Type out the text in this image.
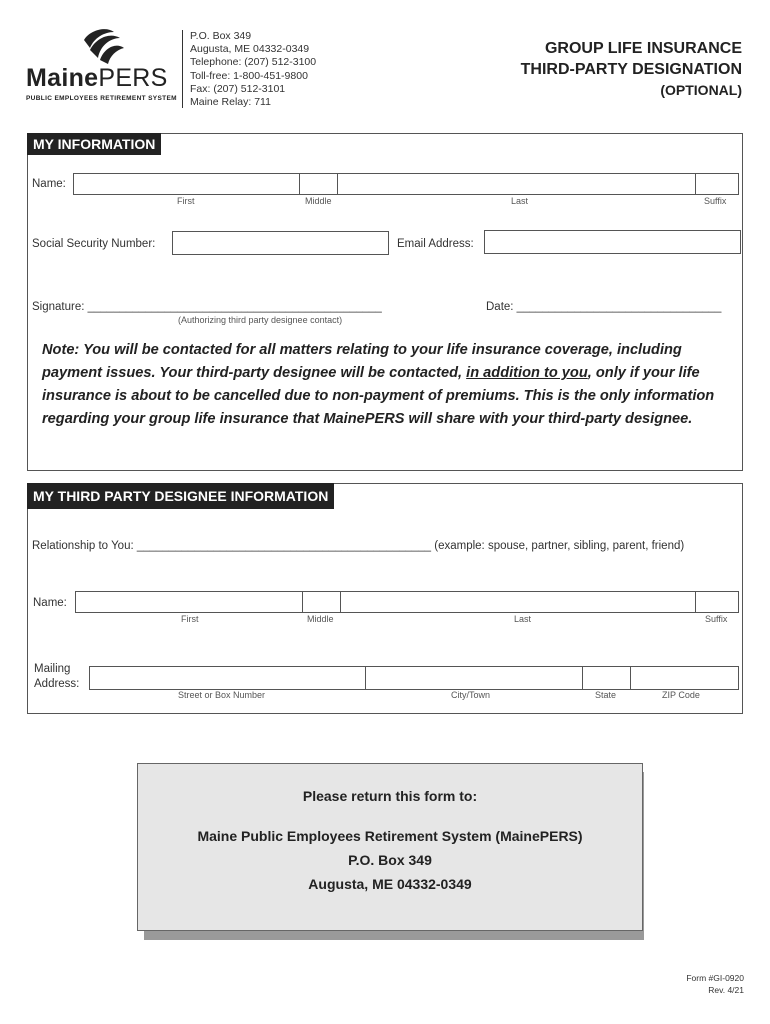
MainePERS
PUBLIC EMPLOYEES RETIREMENT SYSTEM
P.O. Box 349
Augusta, ME 04332-0349
Telephone: (207) 512-3100
Toll-free: 1-800-451-9800
Fax: (207) 512-3101
Maine Relay: 711
GROUP LIFE INSURANCE
THIRD-PARTY DESIGNATION
(OPTIONAL)
MY INFORMATION
Name:
First	Middle	Last	Suffix
Social Security Number:	Email Address:
Signature: ______________________________________________
(Authorizing third party designee contact)
Date: ________________________________
Note: You will be contacted for all matters relating to your life insurance coverage, including payment issues. Your third-party designee will be contacted, in addition to you, only if your life insurance is about to be cancelled due to non-payment of premiums. This is the only information regarding your group life insurance that MainePERS will share with your third-party designee.
MY THIRD PARTY DESIGNEE INFORMATION
Relationship to You: ______________________________________________ (example: spouse, partner, sibling, parent, friend)
Name:
First	Middle	Last	Suffix
Mailing
Address:
Street or Box Number	City/Town	State	ZIP Code
Please return this form to:
Maine Public Employees Retirement System (MainePERS)
P.O. Box 349
Augusta, ME 04332-0349
Form #GI-0920
Rev. 4/21
